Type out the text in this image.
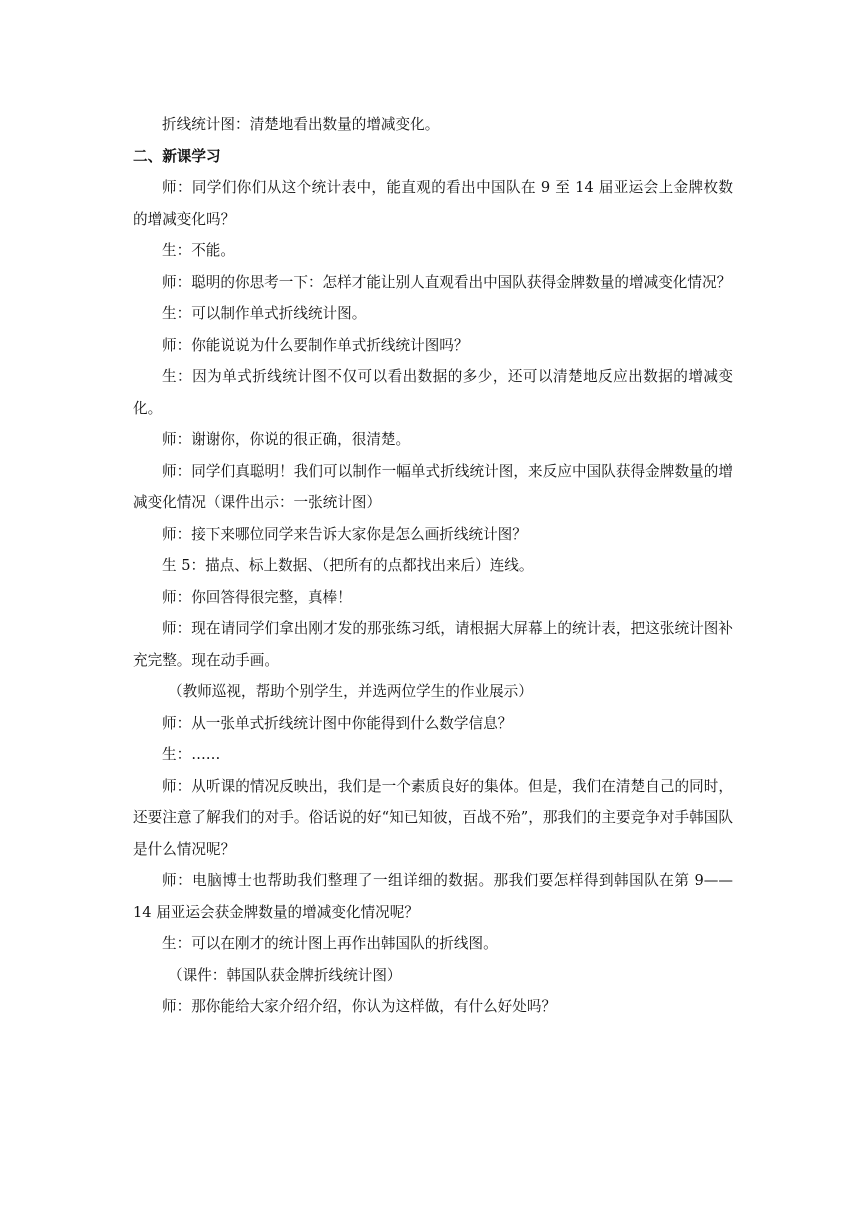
折线统计图：清楚地看出数量的增减变化。

二、新课学习

师：同学们你们从这个统计表中，能直观的看出中国队在 9 至 14 届亚运会上金牌枚数的增减变化吗？

生：不能。

师：聪明的你思考一下：怎样才能让别人直观看出中国队获得金牌数量的增减变化情况？

生：可以制作单式折线统计图。

师：你能说说为什么要制作单式折线统计图吗？

生：因为单式折线统计图不仅可以看出数据的多少，还可以清楚地反应出数据的增减变化。

师：谢谢你，你说的很正确，很清楚。

师：同学们真聪明！我们可以制作一幅单式折线统计图，来反应中国队获得金牌数量的增减变化情况（课件出示：一张统计图）

师：接下来哪位同学来告诉大家你是怎么画折线统计图？

生 5：描点、标上数据、（把所有的点都找出来后）连线。

师：你回答得很完整，真棒！

师：现在请同学们拿出刚才发的那张练习纸，请根据大屏幕上的统计表，把这张统计图补充完整。现在动手画。

（教师巡视，帮助个别学生，并选两位学生的作业展示）

师：从一张单式折线统计图中你能得到什么数学信息？

生：……

师：从听课的情况反映出，我们是一个素质良好的集体。但是，我们在清楚自己的同时，还要注意了解我们的对手。俗话说的好“知已知彼，百战不殆”，那我们的主要竞争对手韩国队是什么情况呢？

师：电脑博士也帮助我们整理了一组详细的数据。那我们要怎样得到韩国队在第 9——14 届亚运会获金牌数量的增减变化情况呢？

生：可以在刚才的统计图上再作出韩国队的折线图。

（课件：韩国队获金牌折线统计图）

师：那你能给大家介绍介绍，你认为这样做，有什么好处吗？
